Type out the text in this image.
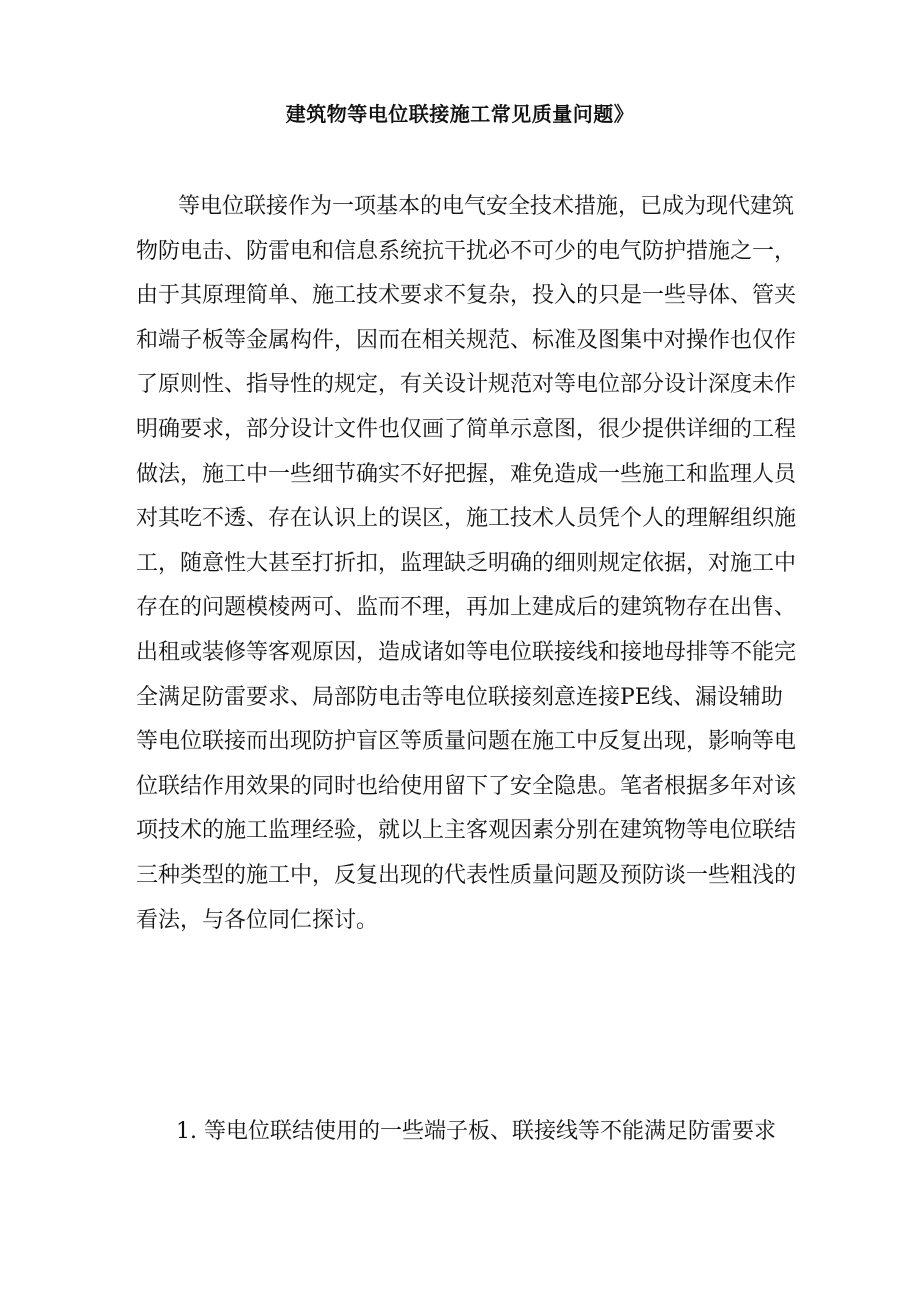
建筑物等电位联接施工常见质量问题》
等电位联接作为一项基本的电气安全技术措施，已成为现代建筑
物防电击、防雷电和信息系统抗干扰必不可少的电气防护措施之一，
由于其原理简单、施工技术要求不复杂，投入的只是一些导体、管夹
和端子板等金属构件，因而在相关规范、标准及图集中对操作也仅作
了原则性、指导性的规定，有关设计规范对等电位部分设计深度未作
明确要求，部分设计文件也仅画了简单示意图，很少提供详细的工程
做法，施工中一些细节确实不好把握，难免造成一些施工和监理人员
对其吃不透、存在认识上的误区，施工技术人员凭个人的理解组织施
工，随意性大甚至打折扣，监理缺乏明确的细则规定依据，对施工中
存在的问题模棱两可、监而不理，再加上建成后的建筑物存在出售、
出租或装修等客观原因，造成诸如等电位联接线和接地母排等不能完
全满足防雷要求、局部防电击等电位联接刻意连接PE线、漏设辅助
等电位联接而出现防护盲区等质量问题在施工中反复出现，影响等电
位联结作用效果的同时也给使用留下了安全隐患。笔者根据多年对该
项技术的施工监理经验，就以上主客观因素分别在建筑物等电位联结
三种类型的施工中，反复出现的代表性质量问题及预防谈一些粗浅的
看法，与各位同仁探讨。
1. 等电位联结使用的一些端子板、联接线等不能满足防雷要求
